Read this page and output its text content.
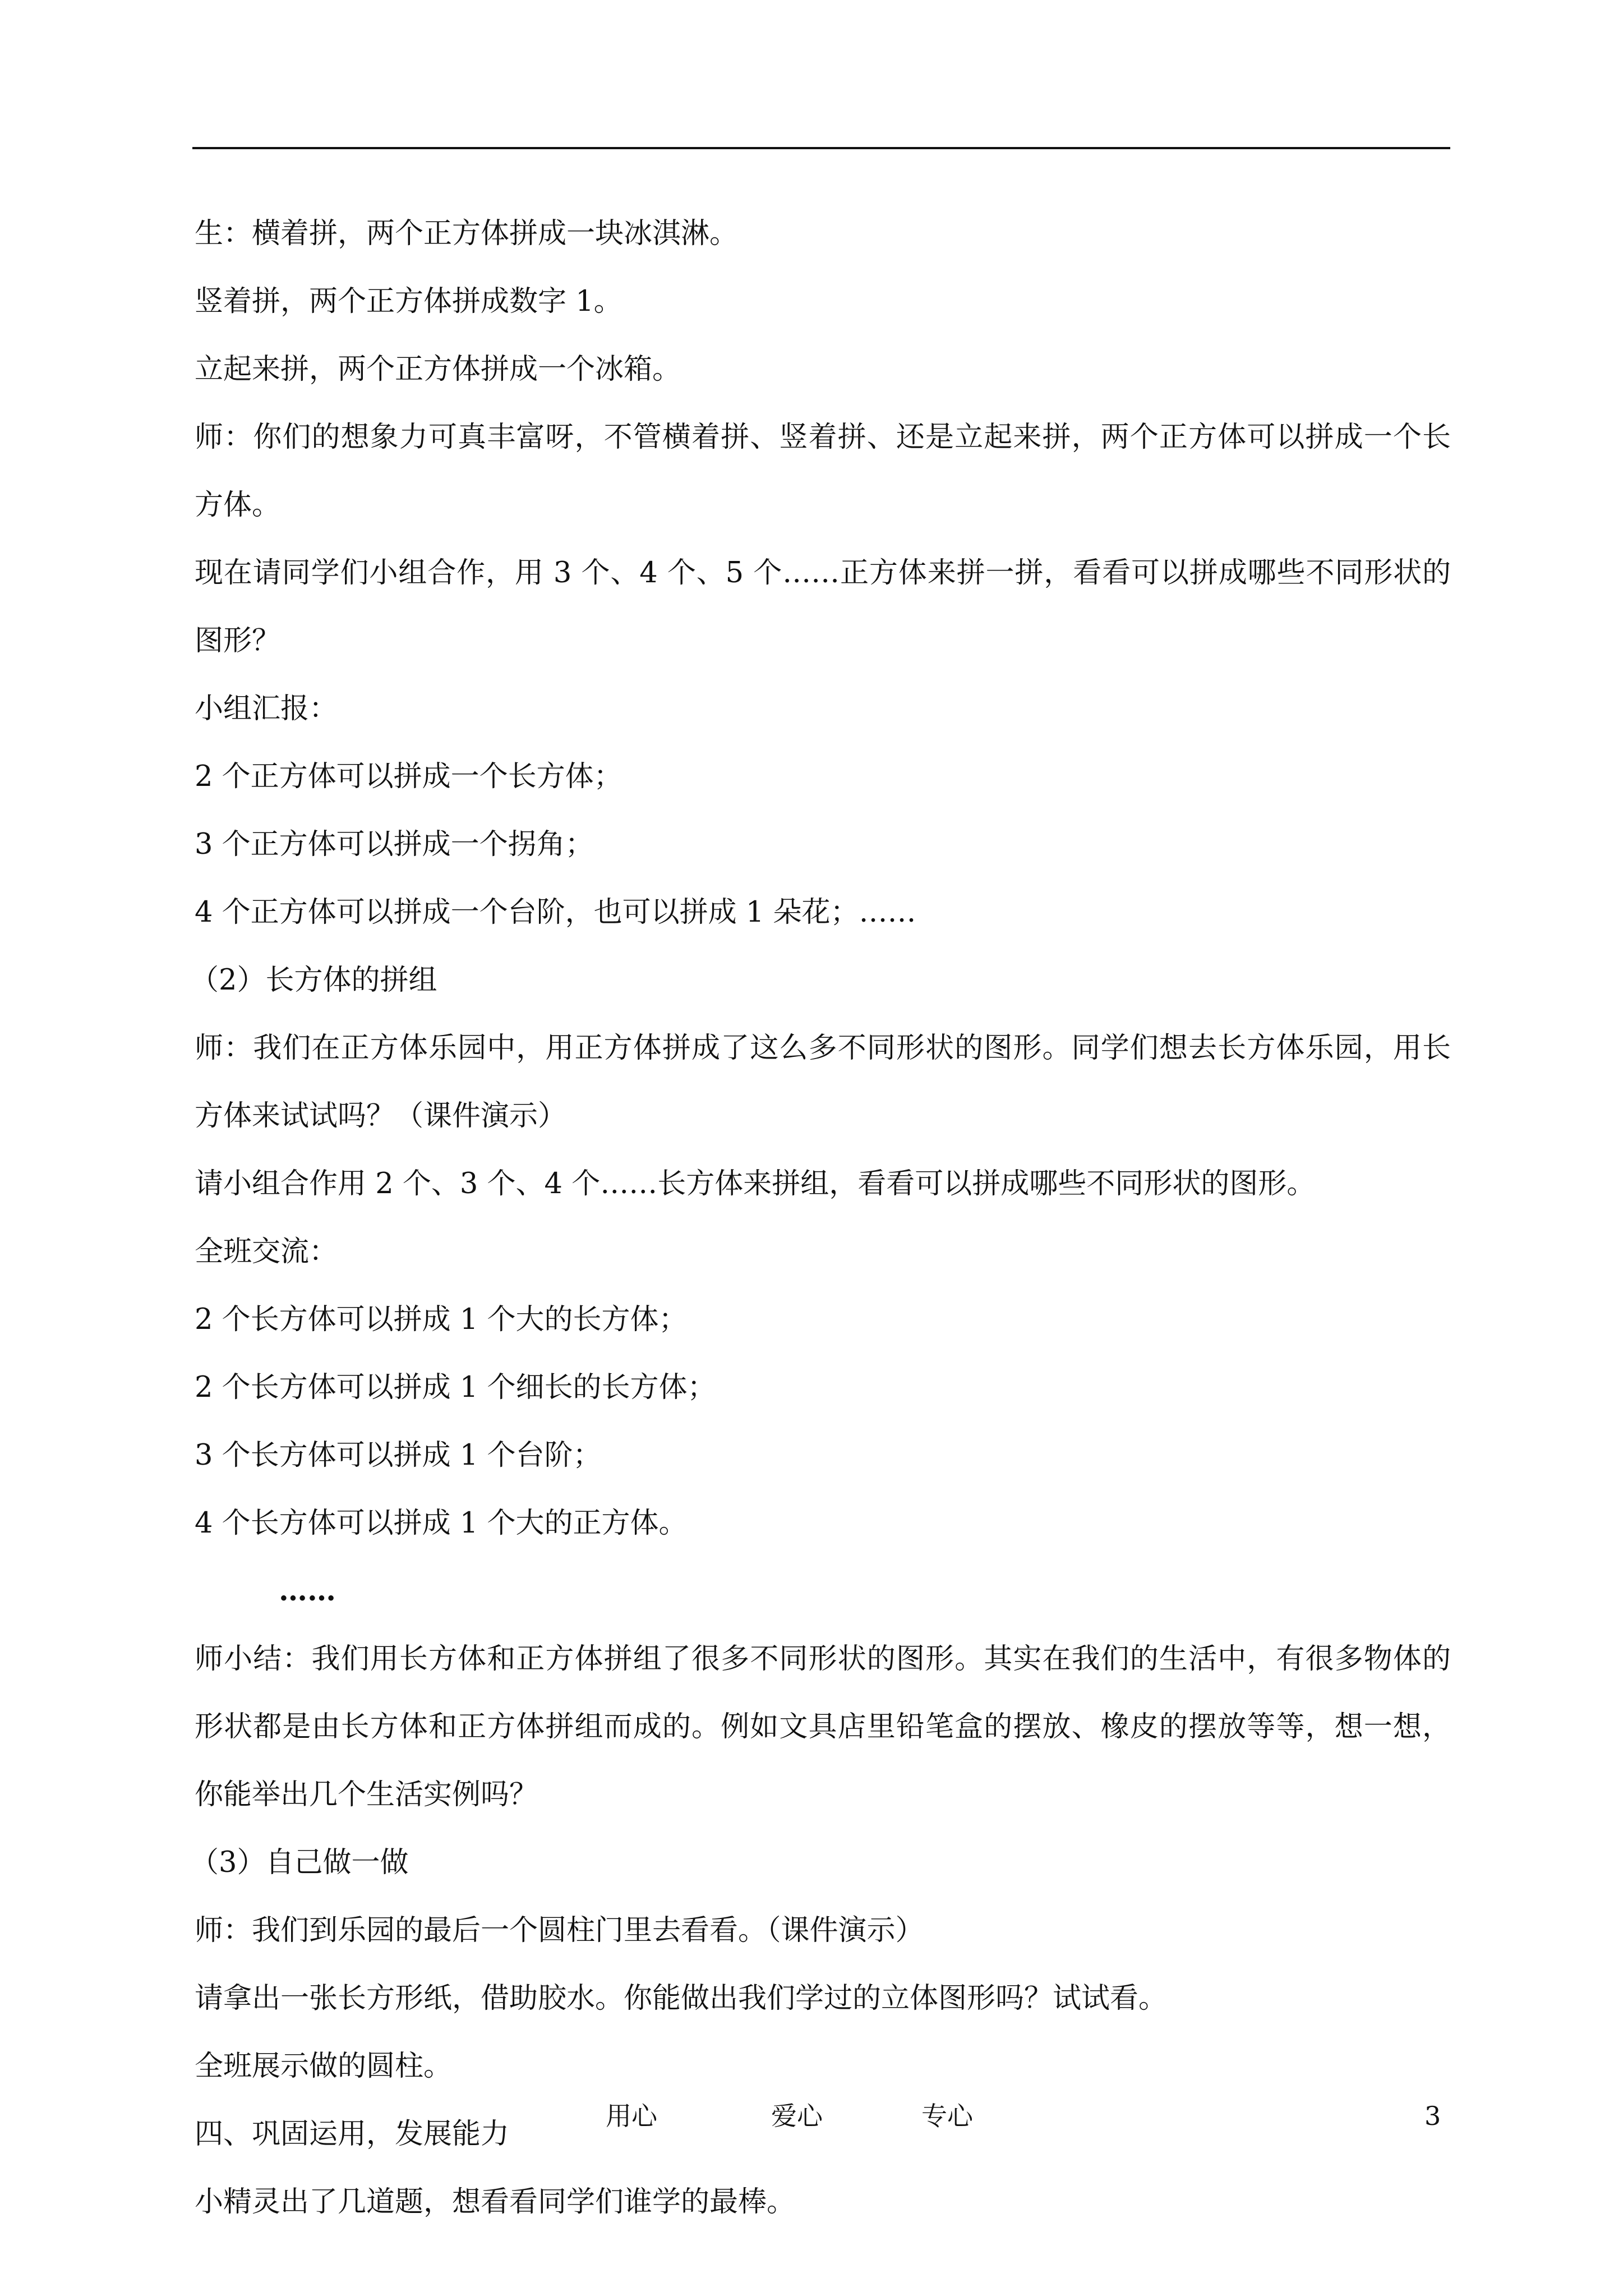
生：横着拼，两个正方体拼成一块冰淇淋。
竖着拼，两个正方体拼成数字 1。
立起来拼，两个正方体拼成一个冰箱。
师：你们的想象力可真丰富呀，不管横着拼、竖着拼、还是立起来拼，两个正方体可以拼成一个长方体。
现在请同学们小组合作，用 3 个、4 个、5 个……正方体来拼一拼，看看可以拼成哪些不同形状的图形？
小组汇报：
2 个正方体可以拼成一个长方体；
3 个正方体可以拼成一个拐角；
4 个正方体可以拼成一个台阶，也可以拼成 1 朵花；……
（2）长方体的拼组
师：我们在正方体乐园中，用正方体拼成了这么多不同形状的图形。同学们想去长方体乐园，用长方体来试试吗？（课件演示）
请小组合作用 2 个、3 个、4 个……长方体来拼组，看看可以拼成哪些不同形状的图形。
全班交流：
2 个长方体可以拼成 1 个大的长方体；
2 个长方体可以拼成 1 个细长的长方体；
3 个长方体可以拼成 1 个台阶；
4 个长方体可以拼成 1 个大的正方体。
……
师小结：我们用长方体和正方体拼组了很多不同形状的图形。其实在我们的生活中，有很多物体的形状都是由长方体和正方体拼组而成的。例如文具店里铅笔盒的摆放、橡皮的摆放等等，想一想，你能举出几个生活实例吗？
（3）自己做一做
师：我们到乐园的最后一个圆柱门里去看看。（课件演示）
请拿出一张长方形纸，借助胶水。你能做出我们学过的立体图形吗？试试看。
全班展示做的圆柱。
四、巩固运用，发展能力
小精灵出了几道题，想看看同学们谁学的最棒。
用心	爱心	专心	3
